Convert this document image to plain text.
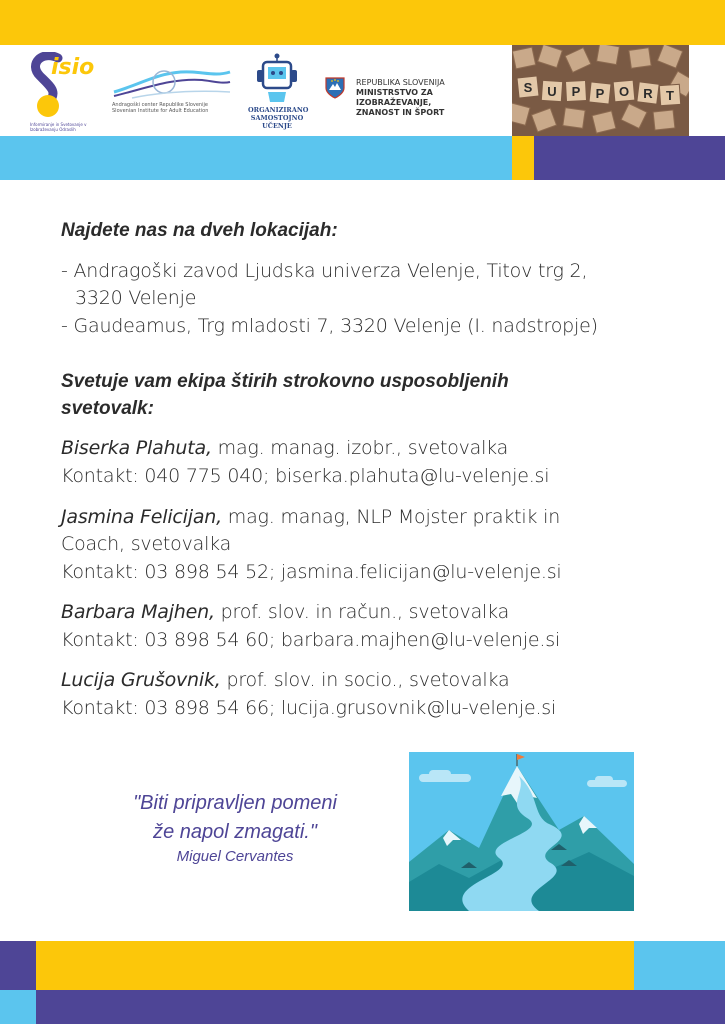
isio
Informiranje in Svetovanje v Izobraževanju Odraslih
Andragoški center Republike Slovenije
Slovenian Institute for Adult Education	ORGANIZIRANO
SAMOSTOJNO
UČENJE
REPUBLIKA SLOVENIJA
MINISTRSTVO ZA IZOBRAŽEVANJE,
ZNANOST IN ŠPORT
S U P P O R T
Najdete nas na dveh lokacijah:
- Andragoški zavod Ljudska univerza Velenje, Titov trg 2,
3320 Velenje
- Gaudeamus, Trg mladosti 7, 3320 Velenje (I. nadstropje)
Svetuje vam ekipa štirih strokovno usposobljenih
svetovalk:
Biserka Plahuta, mag. manag. izobr., svetovalka
Kontakt: 040 775 040; biserka.plahuta@lu-velenje.si
Jasmina Felicijan, mag. manag, NLP Mojster praktik in
Coach, svetovalka
Kontakt: 03 898 54 52; jasmina.felicijan@lu-velenje.si
Barbara Majhen, prof. slov. in račun., svetovalka
Kontakt: 03 898 54 60; barbara.majhen@lu-velenje.si
Lucija Grušovnik, prof. slov. in socio., svetovalka
Kontakt: 03 898 54 66; lucija.grusovnik@lu-velenje.si
"Biti pripravljen pomeni
že napol zmagati."
Miguel Cervantes
